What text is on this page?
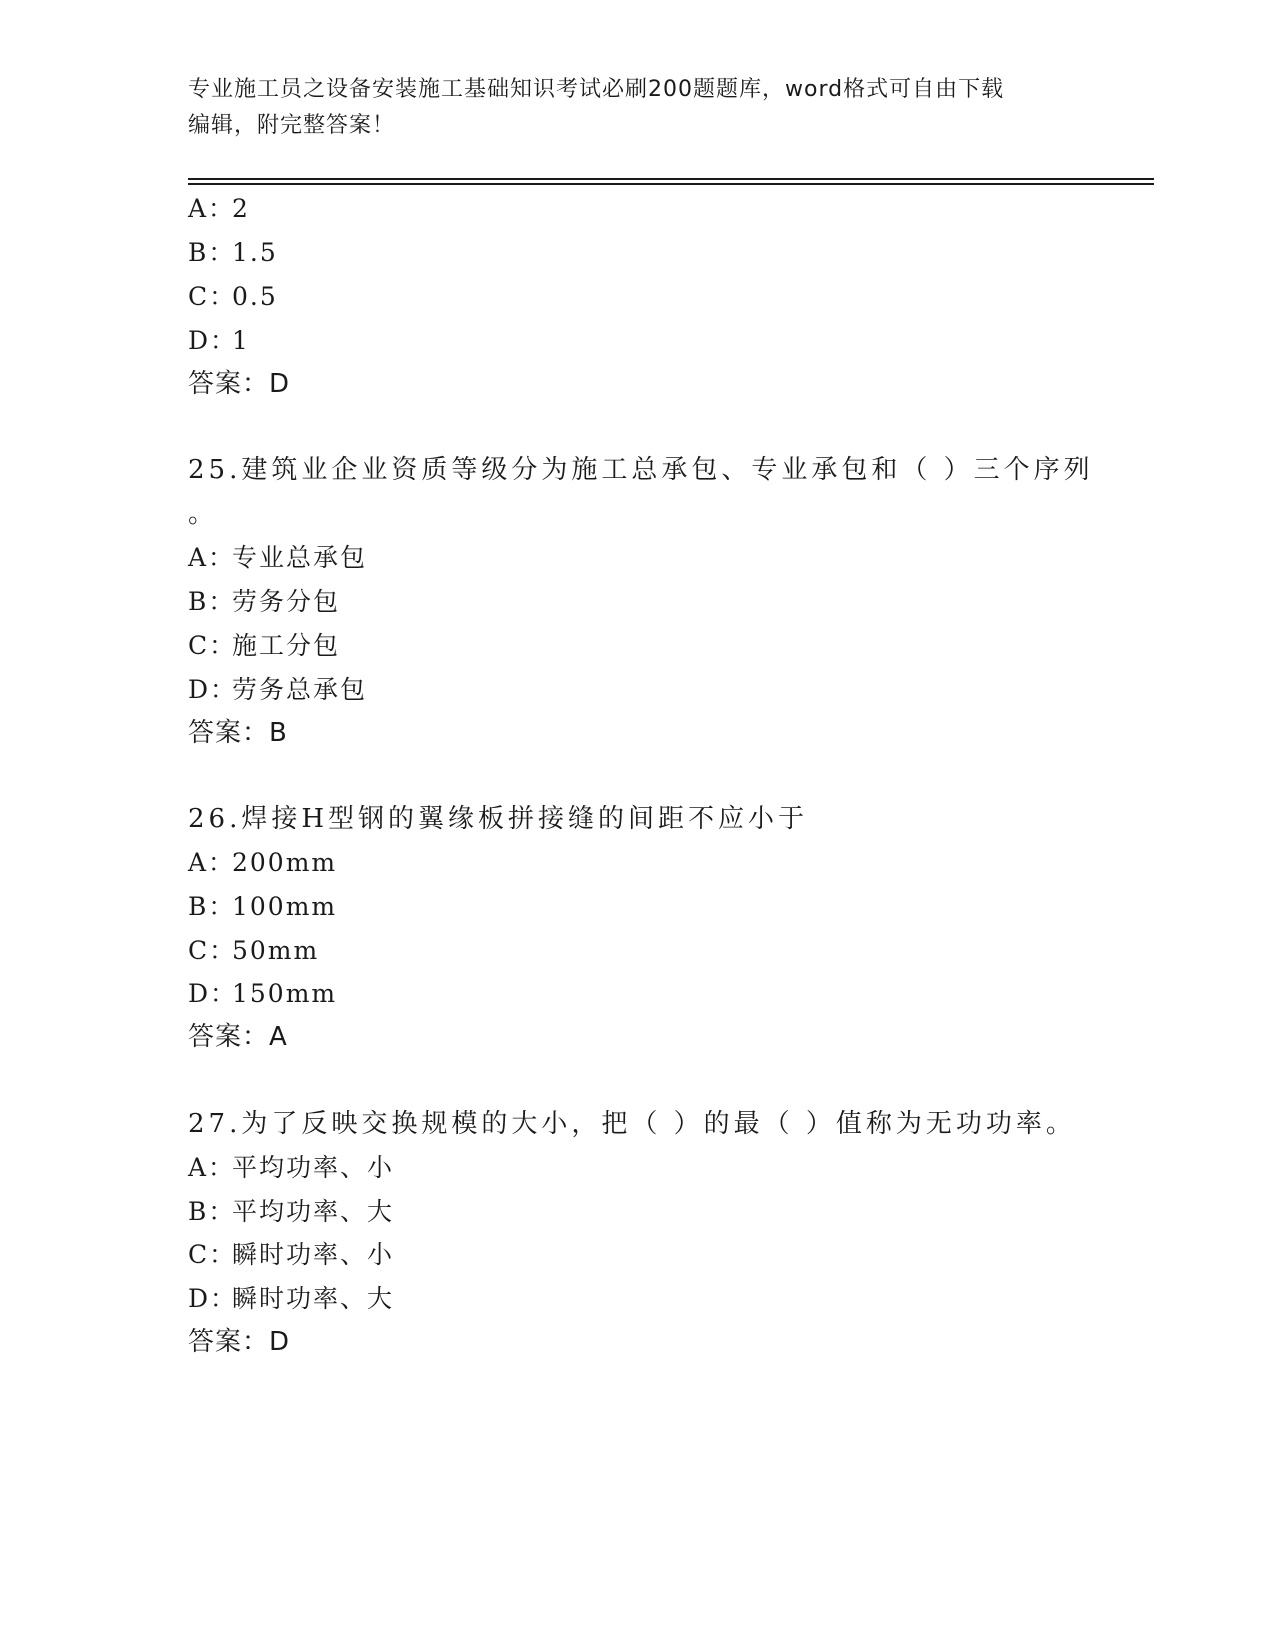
专业施工员之设备安装施工基础知识考试必刷200题题库，word格式可自由下载
编辑，附完整答案！
A：2
B：1.5
C：0.5
D：1
答案：D
25.建筑业企业资质等级分为施工总承包、专业承包和（ ）三个序列
。
A：专业总承包
B：劳务分包
C：施工分包
D：劳务总承包
答案：B
26.焊接H型钢的翼缘板拼接缝的间距不应小于
A：200mm
B：100mm
C：50mm
D：150mm
答案：A
27.为了反映交换规模的大小，把（ ）的最（ ）值称为无功功率。
A：平均功率、小
B：平均功率、大
C：瞬时功率、小
D：瞬时功率、大
答案：D
